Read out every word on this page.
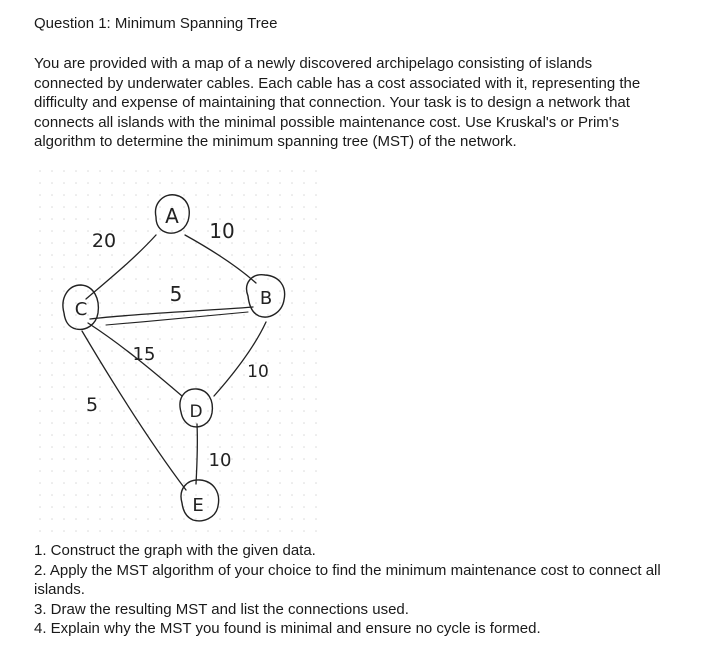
Question 1: Minimum Spanning Tree
You are provided with a map of a newly discovered archipelago consisting of islands connected by underwater cables. Each cable has a cost associated with it, representing the difficulty and expense of maintaining that connection. Your task is to design a network that connects all islands with the minimal possible maintenance cost. Use Kruskal's or Prim's algorithm to determine the minimum spanning tree (MST) of the network.
A
B
C
D
E
20	10
5
15
10
5
10
1. Construct the graph with the given data.
2. Apply the MST algorithm of your choice to find the minimum maintenance cost to connect all islands.
3. Draw the resulting MST and list the connections used.
4. Explain why the MST you found is minimal and ensure no cycle is formed.
